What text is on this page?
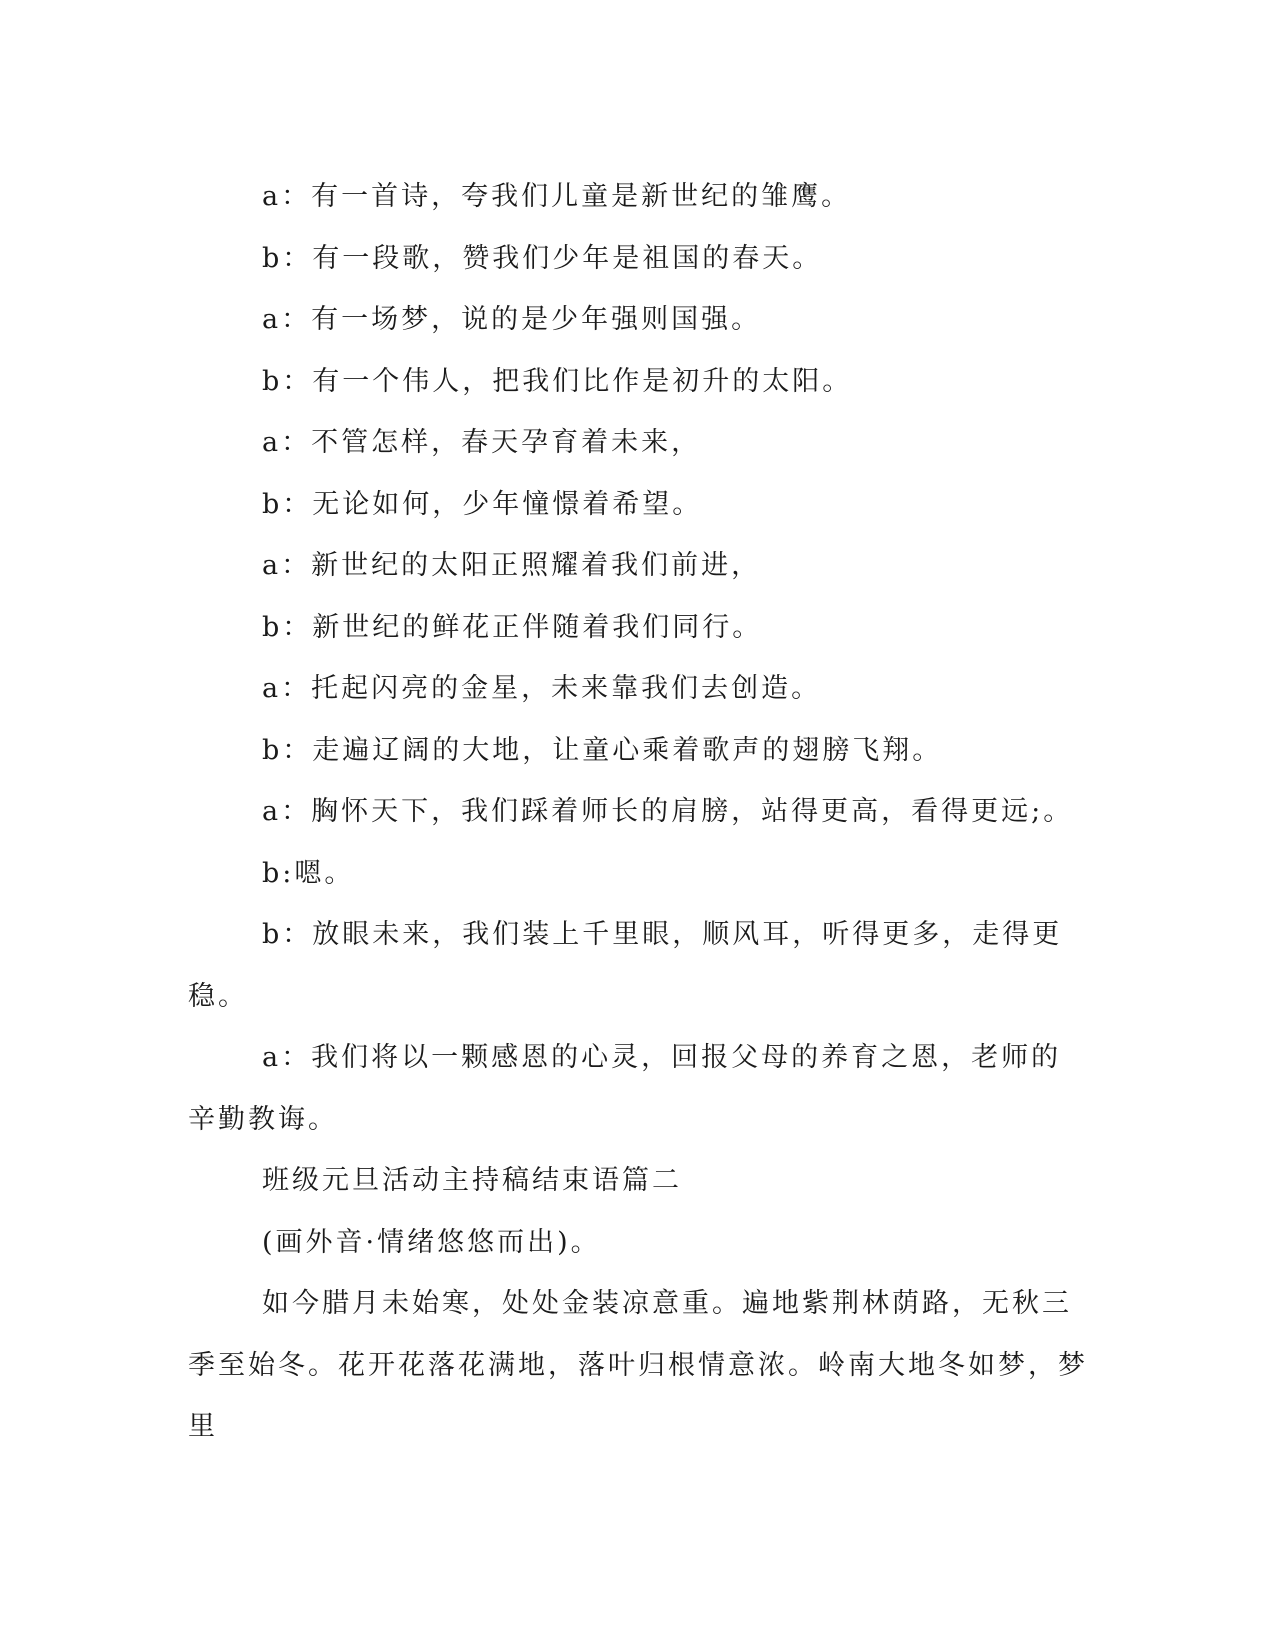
a：有一首诗，夸我们儿童是新世纪的雏鹰。

b：有一段歌，赞我们少年是祖国的春天。

a：有一场梦，说的是少年强则国强。

b：有一个伟人，把我们比作是初升的太阳。

a：不管怎样，春天孕育着未来，

b：无论如何，少年憧憬着希望。

a：新世纪的太阳正照耀着我们前进，

b：新世纪的鲜花正伴随着我们同行。

a：托起闪亮的金星，未来靠我们去创造。

b：走遍辽阔的大地，让童心乘着歌声的翅膀飞翔。

a：胸怀天下，我们踩着师长的肩膀，站得更高，看得更远;。

b:嗯。

b：放眼未来，我们装上千里眼，顺风耳，听得更多，走得更稳。

a：我们将以一颗感恩的心灵，回报父母的养育之恩，老师的辛勤教诲。

班级元旦活动主持稿结束语篇二

(画外音·情绪悠悠而出)。

如今腊月未始寒，处处金装凉意重。遍地紫荆林荫路，无秋三季至始冬。花开花落花满地，落叶归根情意浓。岭南大地冬如梦，梦里
